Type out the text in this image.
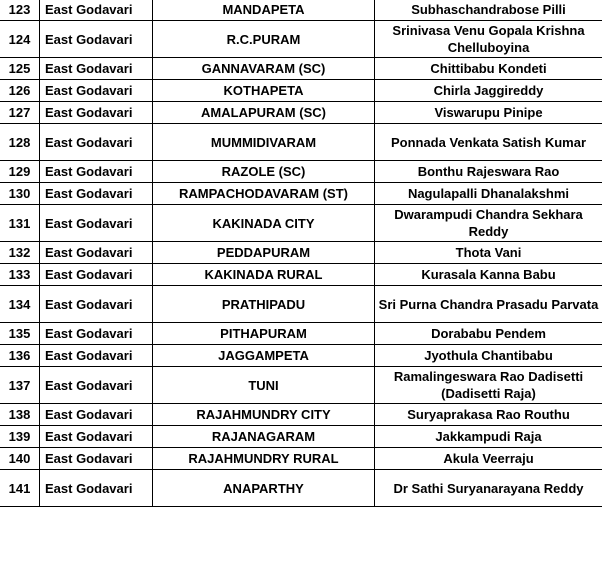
123	East Godavari	MANDAPETA	Subhaschandrabose Pilli
124	East Godavari	R.C.PURAM	Srinivasa Venu Gopala Krishna Chelluboyina
125	East Godavari	GANNAVARAM (SC)	Chittibabu Kondeti
126	East Godavari	KOTHAPETA	Chirla Jaggireddy
127	East Godavari	AMALAPURAM (SC)	Viswarupu Pinipe
128	East Godavari	MUMMIDIVARAM	Ponnada Venkata Satish Kumar
129	East Godavari	RAZOLE (SC)	Bonthu Rajeswara Rao
130	East Godavari	RAMPACHODAVARAM (ST)	Nagulapalli Dhanalakshmi
131	East Godavari	KAKINADA CITY	Dwarampudi Chandra Sekhara Reddy
132	East Godavari	PEDDAPURAM	Thota Vani
133	East Godavari	KAKINADA RURAL	Kurasala Kanna Babu
134	East Godavari	PRATHIPADU	Sri Purna Chandra Prasadu Parvata
135	East Godavari	PITHAPURAM	Dorababu Pendem
136	East Godavari	JAGGAMPETA	Jyothula Chantibabu
137	East Godavari	TUNI	Ramalingeswara Rao Dadisetti (Dadisetti Raja)
138	East Godavari	RAJAHMUNDRY CITY	Suryaprakasa Rao Routhu
139	East Godavari	RAJANAGARAM	Jakkampudi Raja
140	East Godavari	RAJAHMUNDRY RURAL	Akula Veerraju
141	East Godavari	ANAPARTHY	Dr Sathi Suryanarayana Reddy
